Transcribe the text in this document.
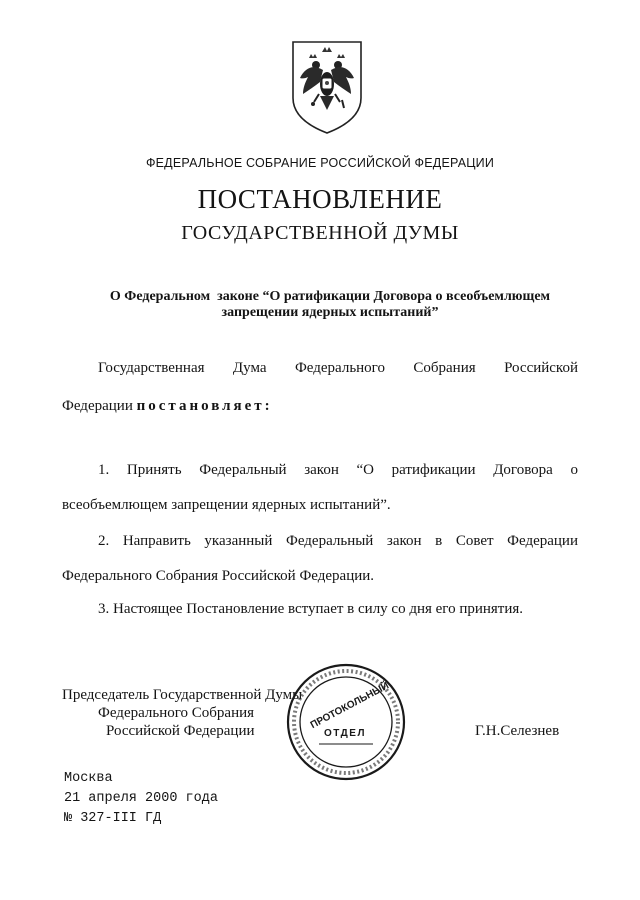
ФЕДЕРАЛЬНОЕ СОБРАНИЕ РОССИЙСКОЙ ФЕДЕРАЦИИ
ПОСТАНОВЛЕНИЕ
ГОСУДАРСТВЕННОЙ ДУМЫ
О Федеральном  законе “О ратификации Договора о всеобъемлющем
запрещении ядерных испытаний”
Государственная Дума Федерального Собрания Российской
Федерации постановляет:
1. Принять Федеральный закон “О ратификации Договора о
всеобъемлющем запрещении ядерных испытаний”.
2. Направить указанный Федеральный закон в Совет Федерации
Федерального Собрания Российской Федерации.
3. Настоящее Постановление вступает в силу со дня его принятия.
Председатель Государственной Думы
Федерального Собрания
Российской Федерации	Г.Н.Селезнев
ПРОТОКОЛЬНЫЙ
ОТДЕЛ
Москва
21 апреля 2000 года
№ 327-III ГД
